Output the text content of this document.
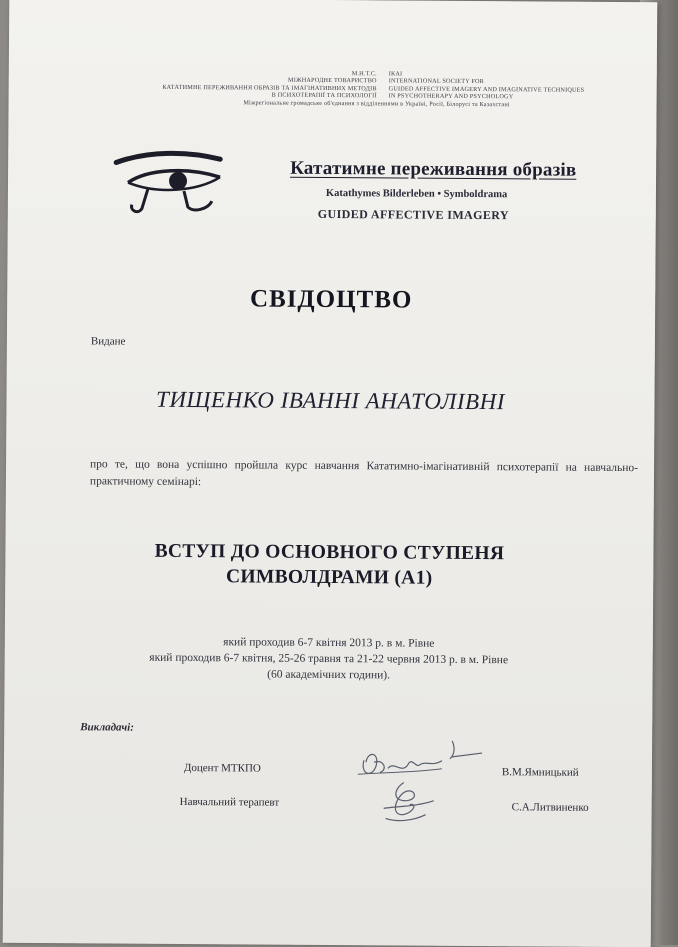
М.Н.Т.С. ІКАІ
МІЖНАРОДНЕ ТОВАРИСТВО INTERNATIONAL SOCIETY FOR
КАТАТИМНЕ ПЕРЕЖИВАННЯ ОБРАЗІВ ТА ІМАГІНАТИВНИХ МЕТОДІВ GUIDED AFFECTIVE IMAGERY AND IMAGINATIVE TECHNIQUES
В ПСИХОТЕРАПІЇ ТА ПСИХОЛОГІЇ IN PSYCHOTHERAPY AND PSYCHOLOGY
Міжрегіональне громадське об'єднання з відділеннями в Україні, Росії, Білорусі та Казахстані
Кататимне переживання образів
Katathymes Bilderleben • Symboldrama
GUIDED AFFECTIVE IMAGERY
СВІДОЦТВО
Видане
ТИЩЕНКО ІВАННІ АНАТОЛІВНІ
про те, що вона успішно пройшла курс навчання Кататимно-імагінативній психотерапії на навчально-практичному семінарі:
ВСТУП ДО ОСНОВНОГО СТУПЕНЯ
СИМВОЛДРАМИ (А1)
який проходив 6-7 квітня 2013 р. в м. Рівне
який проходив 6-7 квітня, 25-26 травня та 21-22 червня 2013 р. в м. Рівне
(60 академічних години).
Викладачі:
Доцент МТКПО	В.М.Ямницький
Навчальний терапевт	С.А.Литвиненко
